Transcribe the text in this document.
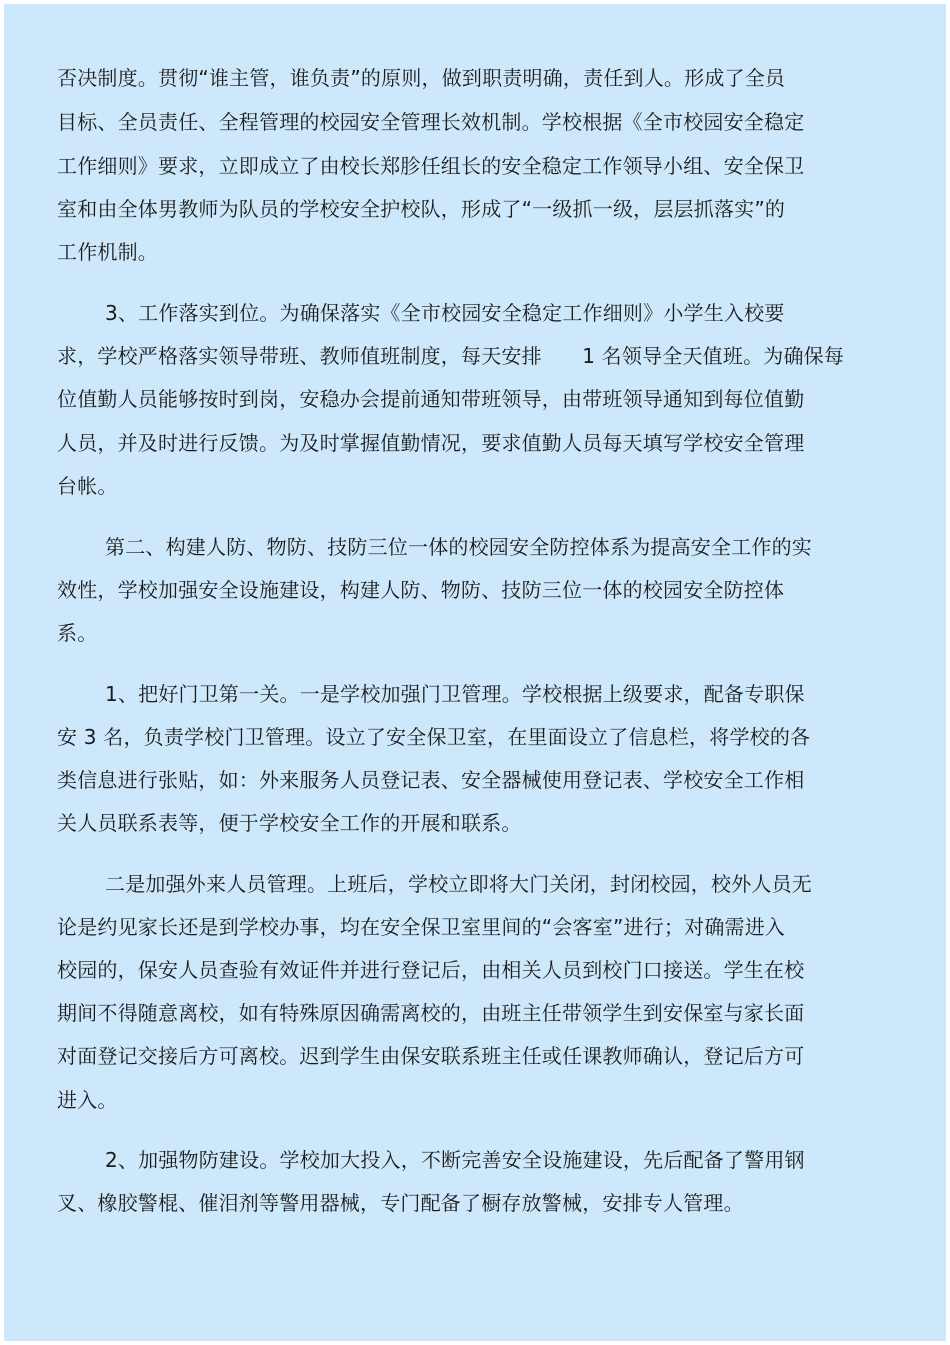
否决制度。贯彻“谁主管，谁负责”的原则，做到职责明确，责任到人。形成了全员
目标、全员责任、全程管理的校园安全管理长效机制。学校根据《全市校园安全稳定
工作细则》要求，立即成立了由校长郑胗任组长的安全稳定工作领导小组、安全保卫
室和由全体男教师为队员的学校安全护校队，形成了“一级抓一级，层层抓落实”的
工作机制。
3、工作落实到位。为确保落实《全市校园安全稳定工作细则》小学生入校要
求，学校严格落实领导带班、教师值班制度，每天安排　　1 名领导全天值班。为确保每
位值勤人员能够按时到岗，安稳办会提前通知带班领导，由带班领导通知到每位值勤
人员，并及时进行反馈。为及时掌握值勤情况，要求值勤人员每天填写学校安全管理
台帐。
第二、构建人防、物防、技防三位一体的校园安全防控体系为提高安全工作的实
效性，学校加强安全设施建设，构建人防、物防、技防三位一体的校园安全防控体
系。
1、把好门卫第一关。一是学校加强门卫管理。学校根据上级要求，配备专职保
安 3 名，负责学校门卫管理。设立了安全保卫室，在里面设立了信息栏，将学校的各
类信息进行张贴，如：外来服务人员登记表、安全器械使用登记表、学校安全工作相
关人员联系表等，便于学校安全工作的开展和联系。
二是加强外来人员管理。上班后，学校立即将大门关闭，封闭校园，校外人员无
论是约见家长还是到学校办事，均在安全保卫室里间的“会客室”进行；对确需进入
校园的，保安人员查验有效证件并进行登记后，由相关人员到校门口接送。学生在校
期间不得随意离校，如有特殊原因确需离校的，由班主任带领学生到安保室与家长面
对面登记交接后方可离校。迟到学生由保安联系班主任或任课教师确认，登记后方可
进入。
2、加强物防建设。学校加大投入，不断完善安全设施建设，先后配备了警用钢
叉、橡胶警棍、催泪剂等警用器械，专门配备了橱存放警械，安排专人管理。
